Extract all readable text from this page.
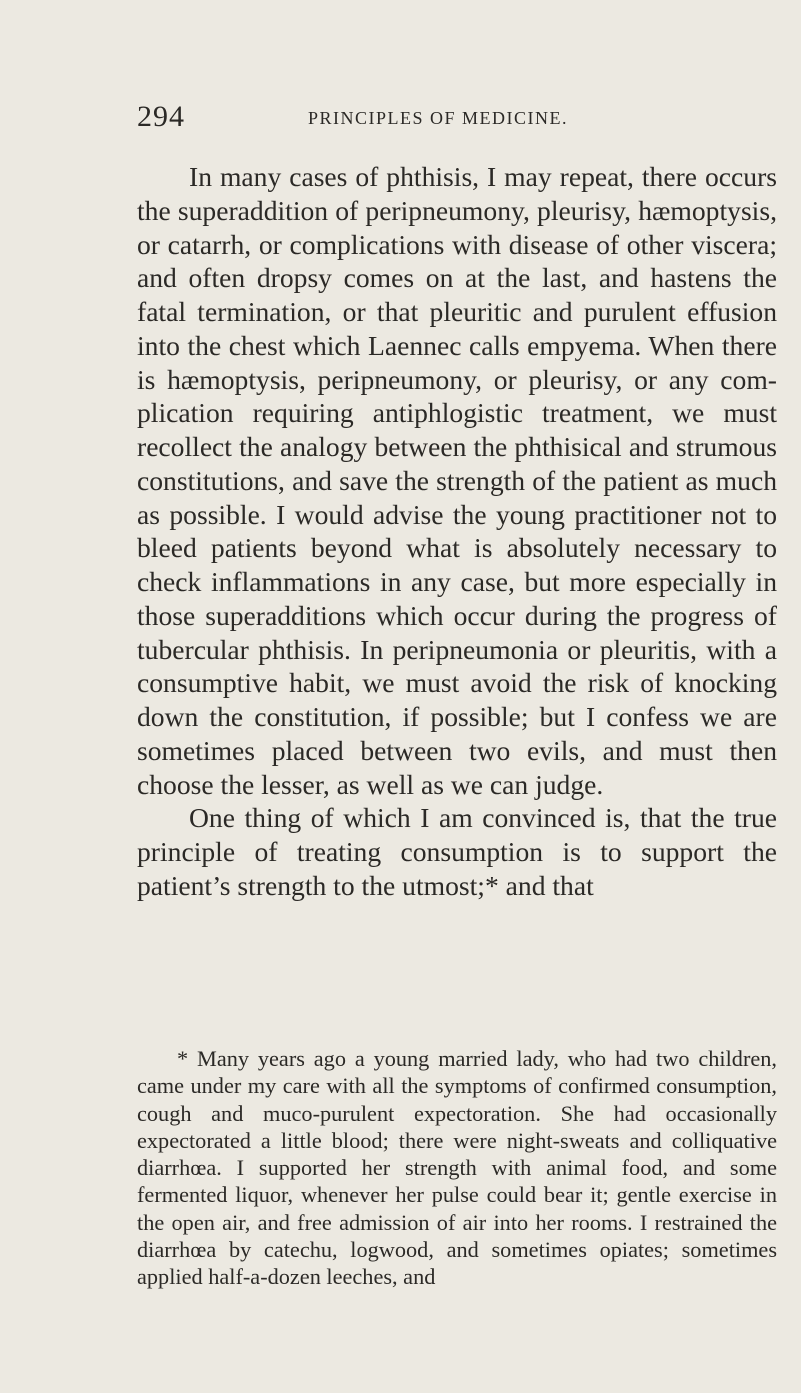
294	PRINCIPLES OF MEDICINE.

In many cases of phthisis, I may repeat, there occurs the superaddition of peripneumony, pleurisy, hæmoptysis, or catarrh, or complications with disease of other viscera; and often dropsy comes on at the last, and hastens the fatal termination, or that pleuritic and purulent effusion into the chest which Laennec calls empyema. When there is hæmoptysis, peripneumony, or pleurisy, or any complication requiring antiphlogistic treatment, we must recollect the analogy between the phthisical and strumous constitutions, and save the strength of the patient as much as possible. I would advise the young practitioner not to bleed patients beyond what is absolutely necessary to check inflammations in any case, but more especially in those superadditions which occur during the progress of tubercular phthisis. In peripneumonia or pleuritis, with a consumptive habit, we must avoid the risk of knocking down the constitution, if possible; but I confess we are sometimes placed between two evils, and must then choose the lesser, as well as we can judge.

One thing of which I am convinced is, that the true principle of treating consumption is to support the patient’s strength to the utmost;* and that

* Many years ago a young married lady, who had two children, came under my care with all the symptoms of confirmed consumption, cough and muco-purulent expectoration. She had occasionally expectorated a little blood; there were night-sweats and colliquative diarrhœa. I supported her strength with animal food, and some fermented liquor, whenever her pulse could bear it; gentle exercise in the open air, and free admission of air into her rooms. I restrained the diarrhœa by catechu, logwood, and sometimes opiates; sometimes applied half-a-dozen leeches, and
